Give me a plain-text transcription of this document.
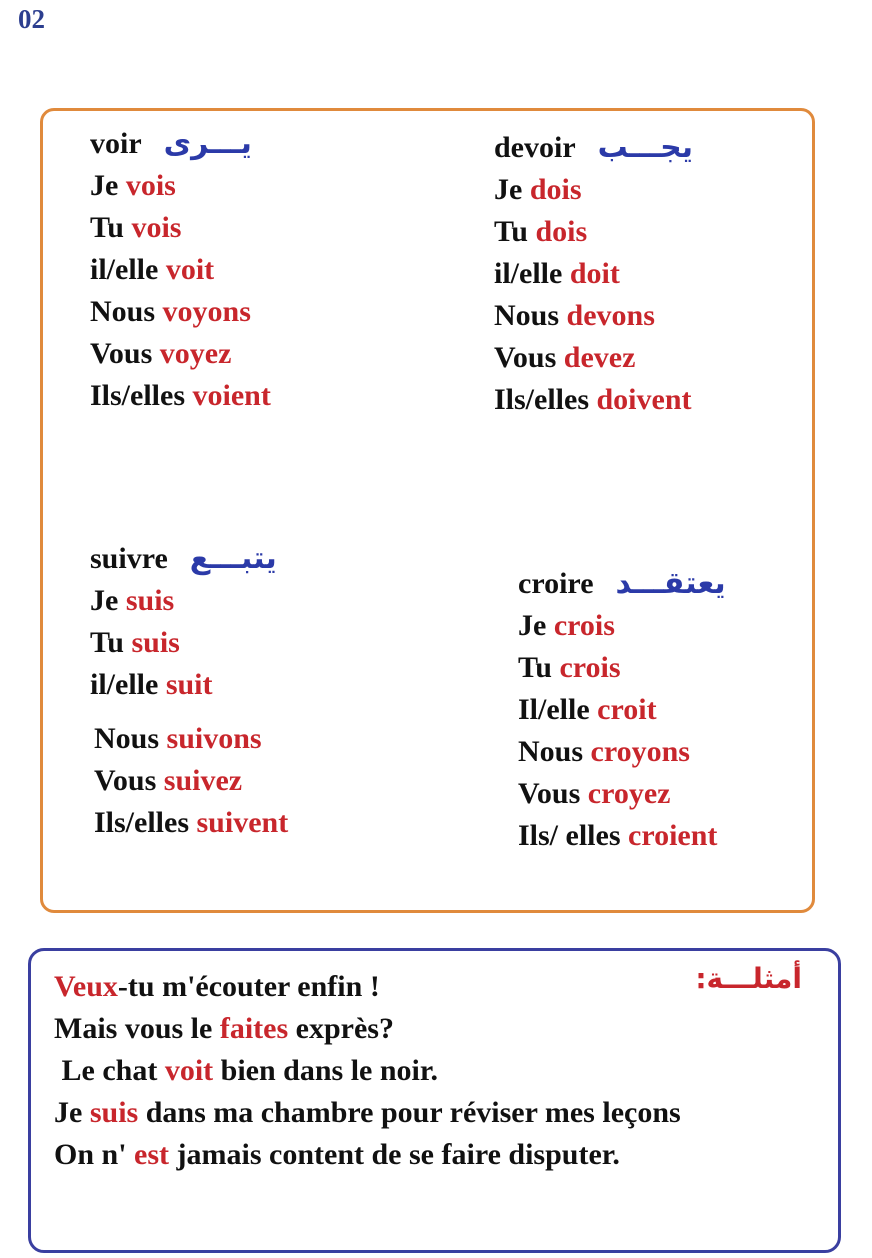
02
voir يـــرى
Je vois
Tu vois
il/elle voit
Nous voyons
Vous voyez
Ils/elles voient
devoir يجـــب
Je dois
Tu dois
il/elle doit
Nous devons
Vous devez
Ils/elles doivent
suivre يتبـــع
Je suis
Tu suis
il/elle suit
Nous suivons
Vous suivez
Ils/elles suivent
croire يعتقـــد
Je crois
Tu crois
Il/elle croit
Nous croyons
Vous croyez
Ils/ elles croient
أمثلـــة:
Veux-tu m'écouter enfin !
Mais vous le faites exprès?
Le chat voit bien dans le noir.
Je suis dans ma chambre pour réviser mes leçons
On n' est jamais content de se faire disputer.
